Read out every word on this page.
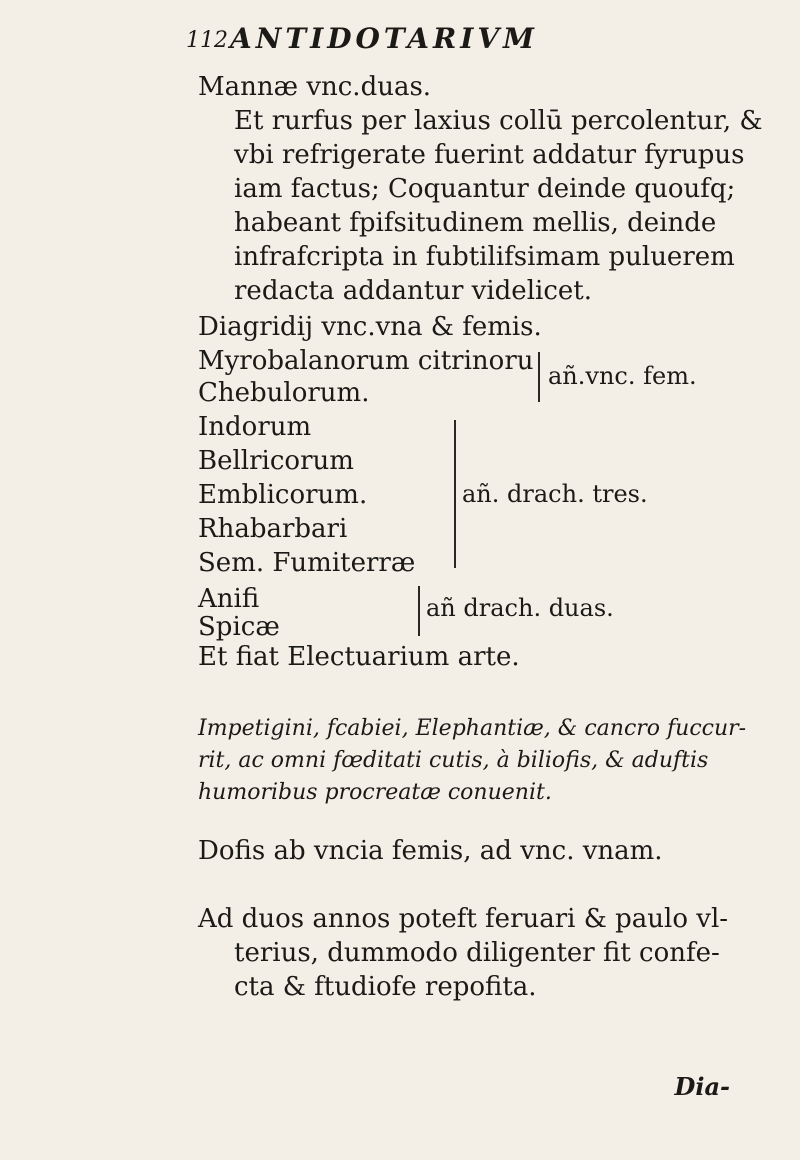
112 ANTIDOTARIVM
Mannæ vnc.duas.
Et rurfus per laxius collū percolentur, &
vbi refrigerate fuerint addatur fyrupus
iam factus; Coquantur deinde quoufq;
habeant fpifsitudinem mellis, deinde
infrafcripta in fubtilifsimam puluerem
redacta addantur videlicet.
Diagridij vnc.vna & femis.
Myrobalanorum citrinoru
Chebulorum.
añ.vnc. fem.
Indorum
Bellricorum
Emblicorum.
Rhabarbari
Sem. Fumiterræ
añ. drach. tres.
Anifi
Spicæ
añ drach. duas.
Et fiat Electuarium arte.
Impetigini, fcabiei, Elephantiæ, & cancro fuccur-
rit, ac omni fœditati cutis, à biliofis, & aduftis
humoribus procreatæ conuenit.
Dofis ab vncia femis, ad vnc. vnam.
Ad duos annos poteft feruari & paulo vl-
terius, dummodo diligenter fit confe-
cta & ftudiofe repofita.
Dia-
